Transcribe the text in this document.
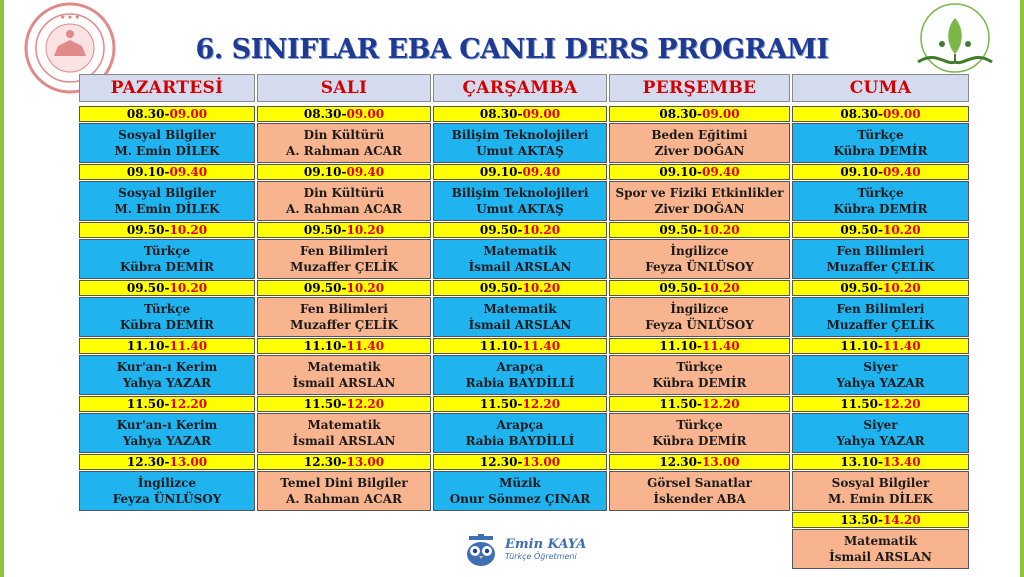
★ ★ ★
6. SINIFLAR EBA CANLI DERS PROGRAMI
PAZARTESİ
08.30- 09.00
Sosyal Bilgiler
M. Emin DİLEK
09.10- 09.40
Sosyal Bilgiler
M. Emin DİLEK
09.50- 10.20
Türkçe
Kübra DEMİR
09.50- 10.20
Türkçe
Kübra DEMİR
11.10- 11.40
Kur'an-ı Kerim
Yahya YAZAR
11.50- 12.20
Kur'an-ı Kerim
Yahya YAZAR
12.30- 13.00
İngilizce
Feyza ÜNLÜSOY
SALI
08.30- 09.00
Din Kültürü
A. Rahman ACAR
09.10- 09.40
Din Kültürü
A. Rahman ACAR
09.50- 10.20
Fen Bilimleri
Muzaffer ÇELİK
09.50- 10.20
Fen Bilimleri
Muzaffer ÇELİK
11.10- 11.40
Matematik
İsmail ARSLAN
11.50- 12.20
Matematik
İsmail ARSLAN
12.30- 13.00
Temel Dini Bilgiler
A. Rahman ACAR
ÇARŞAMBA
08.30- 09.00
Bilişim Teknolojileri
Umut AKTAŞ
09.10- 09.40
Bilişim Teknolojileri
Umut AKTAŞ
09.50- 10.20
Matematik
İsmail ARSLAN
09.50- 10.20
Matematik
İsmail ARSLAN
11.10- 11.40
Arapça
Rabia BAYDİLLİ
11.50- 12.20
Arapça
Rabia BAYDİLLİ
12.30- 13.00
Müzik
Onur Sönmez ÇINAR
PERŞEMBE
08.30- 09.00
Beden Eğitimi
Ziver DOĞAN
09.10- 09.40
Spor ve Fiziki Etkinlikler
Ziver DOĞAN
09.50- 10.20
İngilizce
Feyza ÜNLÜSOY
09.50- 10.20
İngilizce
Feyza ÜNLÜSOY
11.10- 11.40
Türkçe
Kübra DEMİR
11.50- 12.20
Türkçe
Kübra DEMİR
12.30- 13.00
Görsel Sanatlar
İskender ABA
CUMA
08.30- 09.00
Türkçe
Kübra DEMİR
09.10- 09.40
Türkçe
Kübra DEMİR
09.50- 10.20
Fen Bilimleri
Muzaffer ÇELİK
09.50- 10.20
Fen Bilimleri
Muzaffer ÇELİK
11.10- 11.40
Siyer
Yahya YAZAR
11.50- 12.20
Siyer
Yahya YAZAR
13.10- 13.40
Sosyal Bilgiler
M. Emin DİLEK
13.50- 14.20
Matematik
İsmail ARSLAN
Emin KAYA
Türkçe Öğretmeni
